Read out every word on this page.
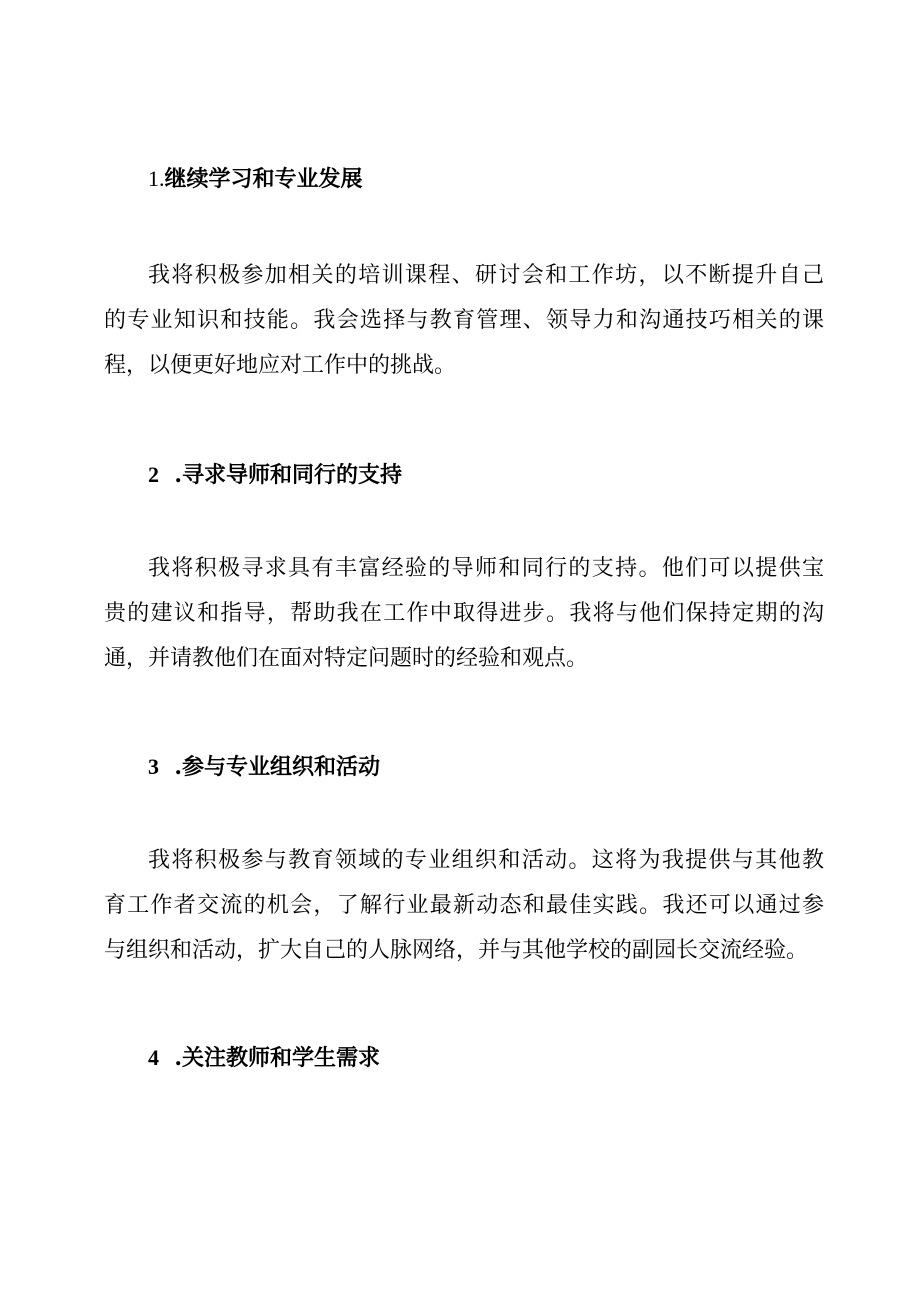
1.继续学习和专业发展
我将积极参加相关的培训课程、研讨会和工作坊，以不断提升自己
的专业知识和技能。我会选择与教育管理、领导力和沟通技巧相关的课
程，以便更好地应对工作中的挑战。
2 .寻求导师和同行的支持
我将积极寻求具有丰富经验的导师和同行的支持。他们可以提供宝
贵的建议和指导，帮助我在工作中取得进步。我将与他们保持定期的沟
通，并请教他们在面对特定问题时的经验和观点。
3 .参与专业组织和活动
我将积极参与教育领域的专业组织和活动。这将为我提供与其他教
育工作者交流的机会，了解行业最新动态和最佳实践。我还可以通过参
与组织和活动，扩大自己的人脉网络，并与其他学校的副园长交流经验。
4 .关注教师和学生需求
